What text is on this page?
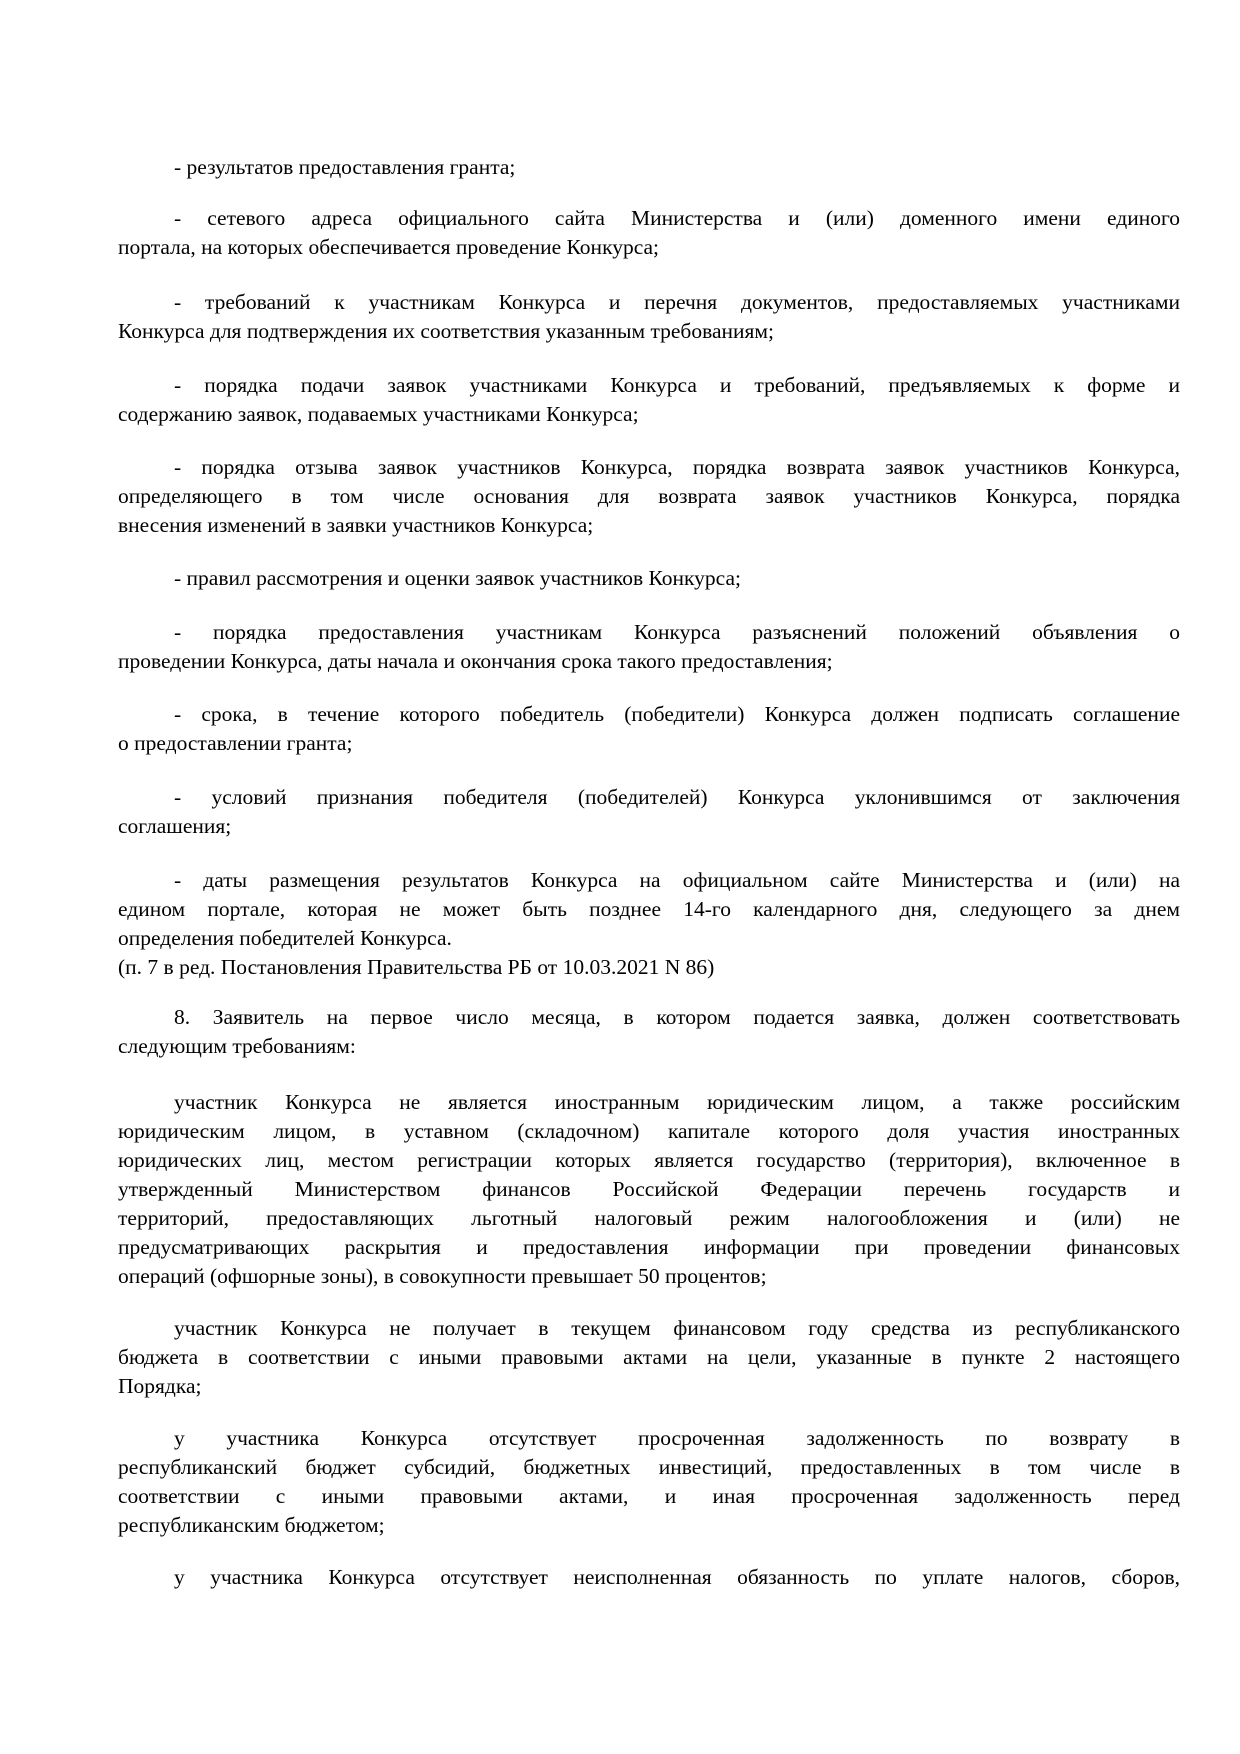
- результатов предоставления гранта;
- сетевого адреса официального сайта Министерства и (или) доменного имени единого
портала, на которых обеспечивается проведение Конкурса;
- требований к участникам Конкурса и перечня документов, предоставляемых участниками
Конкурса для подтверждения их соответствия указанным требованиям;
- порядка подачи заявок участниками Конкурса и требований, предъявляемых к форме и
содержанию заявок, подаваемых участниками Конкурса;
- порядка отзыва заявок участников Конкурса, порядка возврата заявок участников Конкурса,
определяющего в том числе основания для возврата заявок участников Конкурса, порядка
внесения изменений в заявки участников Конкурса;
- правил рассмотрения и оценки заявок участников Конкурса;
- порядка предоставления участникам Конкурса разъяснений положений объявления о
проведении Конкурса, даты начала и окончания срока такого предоставления;
- срока, в течение которого победитель (победители) Конкурса должен подписать соглашение
о предоставлении гранта;
- условий признания победителя (победителей) Конкурса уклонившимся от заключения
соглашения;
- даты размещения результатов Конкурса на официальном сайте Министерства и (или) на
едином портале, которая не может быть позднее 14-го календарного дня, следующего за днем
определения победителей Конкурса.
(п. 7 в ред. Постановления Правительства РБ от 10.03.2021 N 86)
8. Заявитель на первое число месяца, в котором подается заявка, должен соответствовать
следующим требованиям:
участник Конкурса не является иностранным юридическим лицом, а также российским
юридическим лицом, в уставном (складочном) капитале которого доля участия иностранных
юридических лиц, местом регистрации которых является государство (территория), включенное в
утвержденный Министерством финансов Российской Федерации перечень государств и
территорий, предоставляющих льготный налоговый режим налогообложения и (или) не
предусматривающих раскрытия и предоставления информации при проведении финансовых
операций (офшорные зоны), в совокупности превышает 50 процентов;
участник Конкурса не получает в текущем финансовом году средства из республиканского
бюджета в соответствии с иными правовыми актами на цели, указанные в пункте 2 настоящего
Порядка;
у участника Конкурса отсутствует просроченная задолженность по возврату в
республиканский бюджет субсидий, бюджетных инвестиций, предоставленных в том числе в
соответствии с иными правовыми актами, и иная просроченная задолженность перед
республиканским бюджетом;
у участника Конкурса отсутствует неисполненная обязанность по уплате налогов, сборов,
